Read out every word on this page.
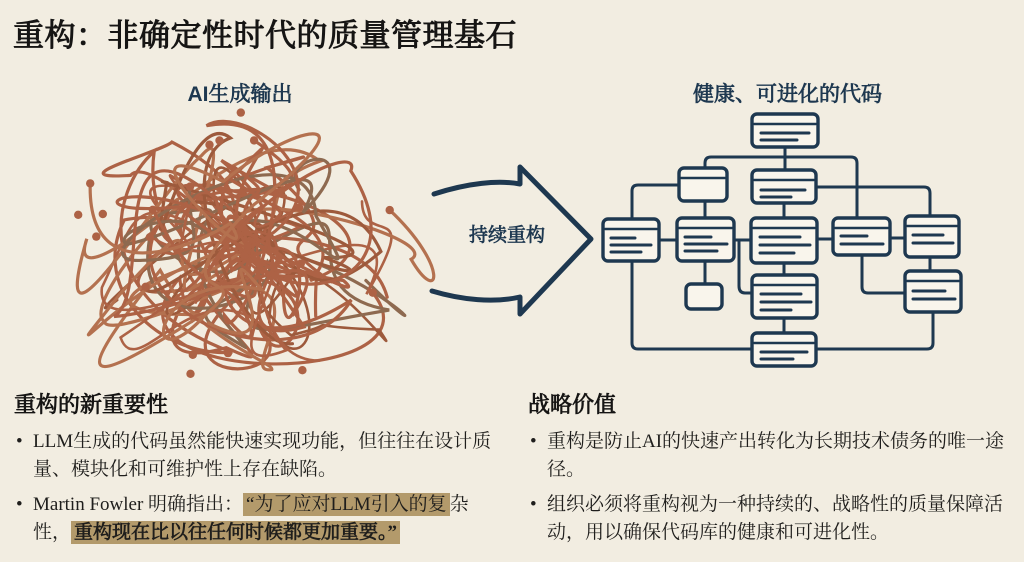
重构：非确定性时代的质量管理基石
AI生成输出	健康、可进化的代码
持续重构
重构的新重要性
• LLM生成的代码虽然能快速实现功能，但往往在设计质量、模块化和可维护性上存在缺陷。
• Martin Fowler 明确指出： “为了应对LLM引入的复 杂性， 重构现在比以往任何时候都更加重要。”
战略价值
• 重构是防止AI的快速产出转化为长期技术债务的唯一途径。
• 组织必须将重构视为一种持续的、战略性的质量保障活动，用以确保代码库的健康和可进化性。
